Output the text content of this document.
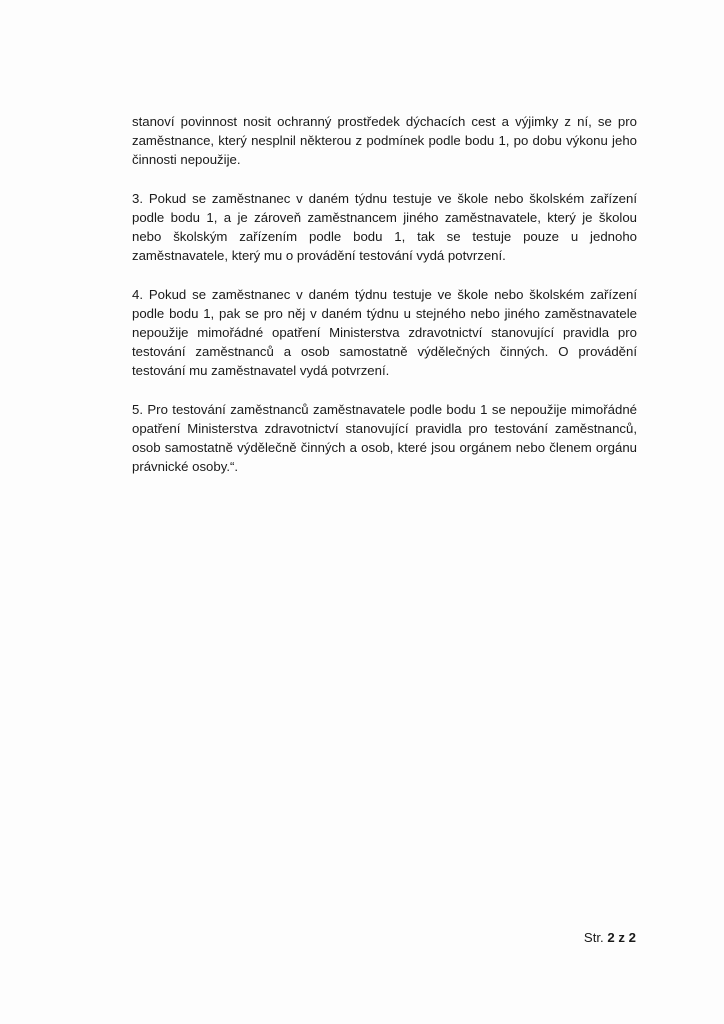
stanoví povinnost nosit ochranný prostředek dýchacích cest a výjimky z ní, se pro zaměstnance, který nesplnil některou z podmínek podle bodu 1, po dobu výkonu jeho činnosti nepoužije.

3. Pokud se zaměstnanec v daném týdnu testuje ve škole nebo školském zařízení podle bodu 1, a je zároveň zaměstnancem jiného zaměstnavatele, který je školou nebo školským zařízením podle bodu 1, tak se testuje pouze u jednoho zaměstnavatele, který mu o provádění testování vydá potvrzení.

4. Pokud se zaměstnanec v daném týdnu testuje ve škole nebo školském zařízení podle bodu 1, pak se pro něj v daném týdnu u stejného nebo jiného zaměstnavatele nepoužije mimořádné opatření Ministerstva zdravotnictví stanovující pravidla pro testování zaměstnanců a osob samostatně výdělečných činných. O provádění testování mu zaměstnavatel vydá potvrzení.

5. Pro testování zaměstnanců zaměstnavatele podle bodu 1 se nepoužije mimořádné opatření Ministerstva zdravotnictví stanovující pravidla pro testování zaměstnanců, osob samostatně výdělečně činných a osob, které jsou orgánem nebo členem orgánu právnické osoby.“.

Str. 2 z 2
